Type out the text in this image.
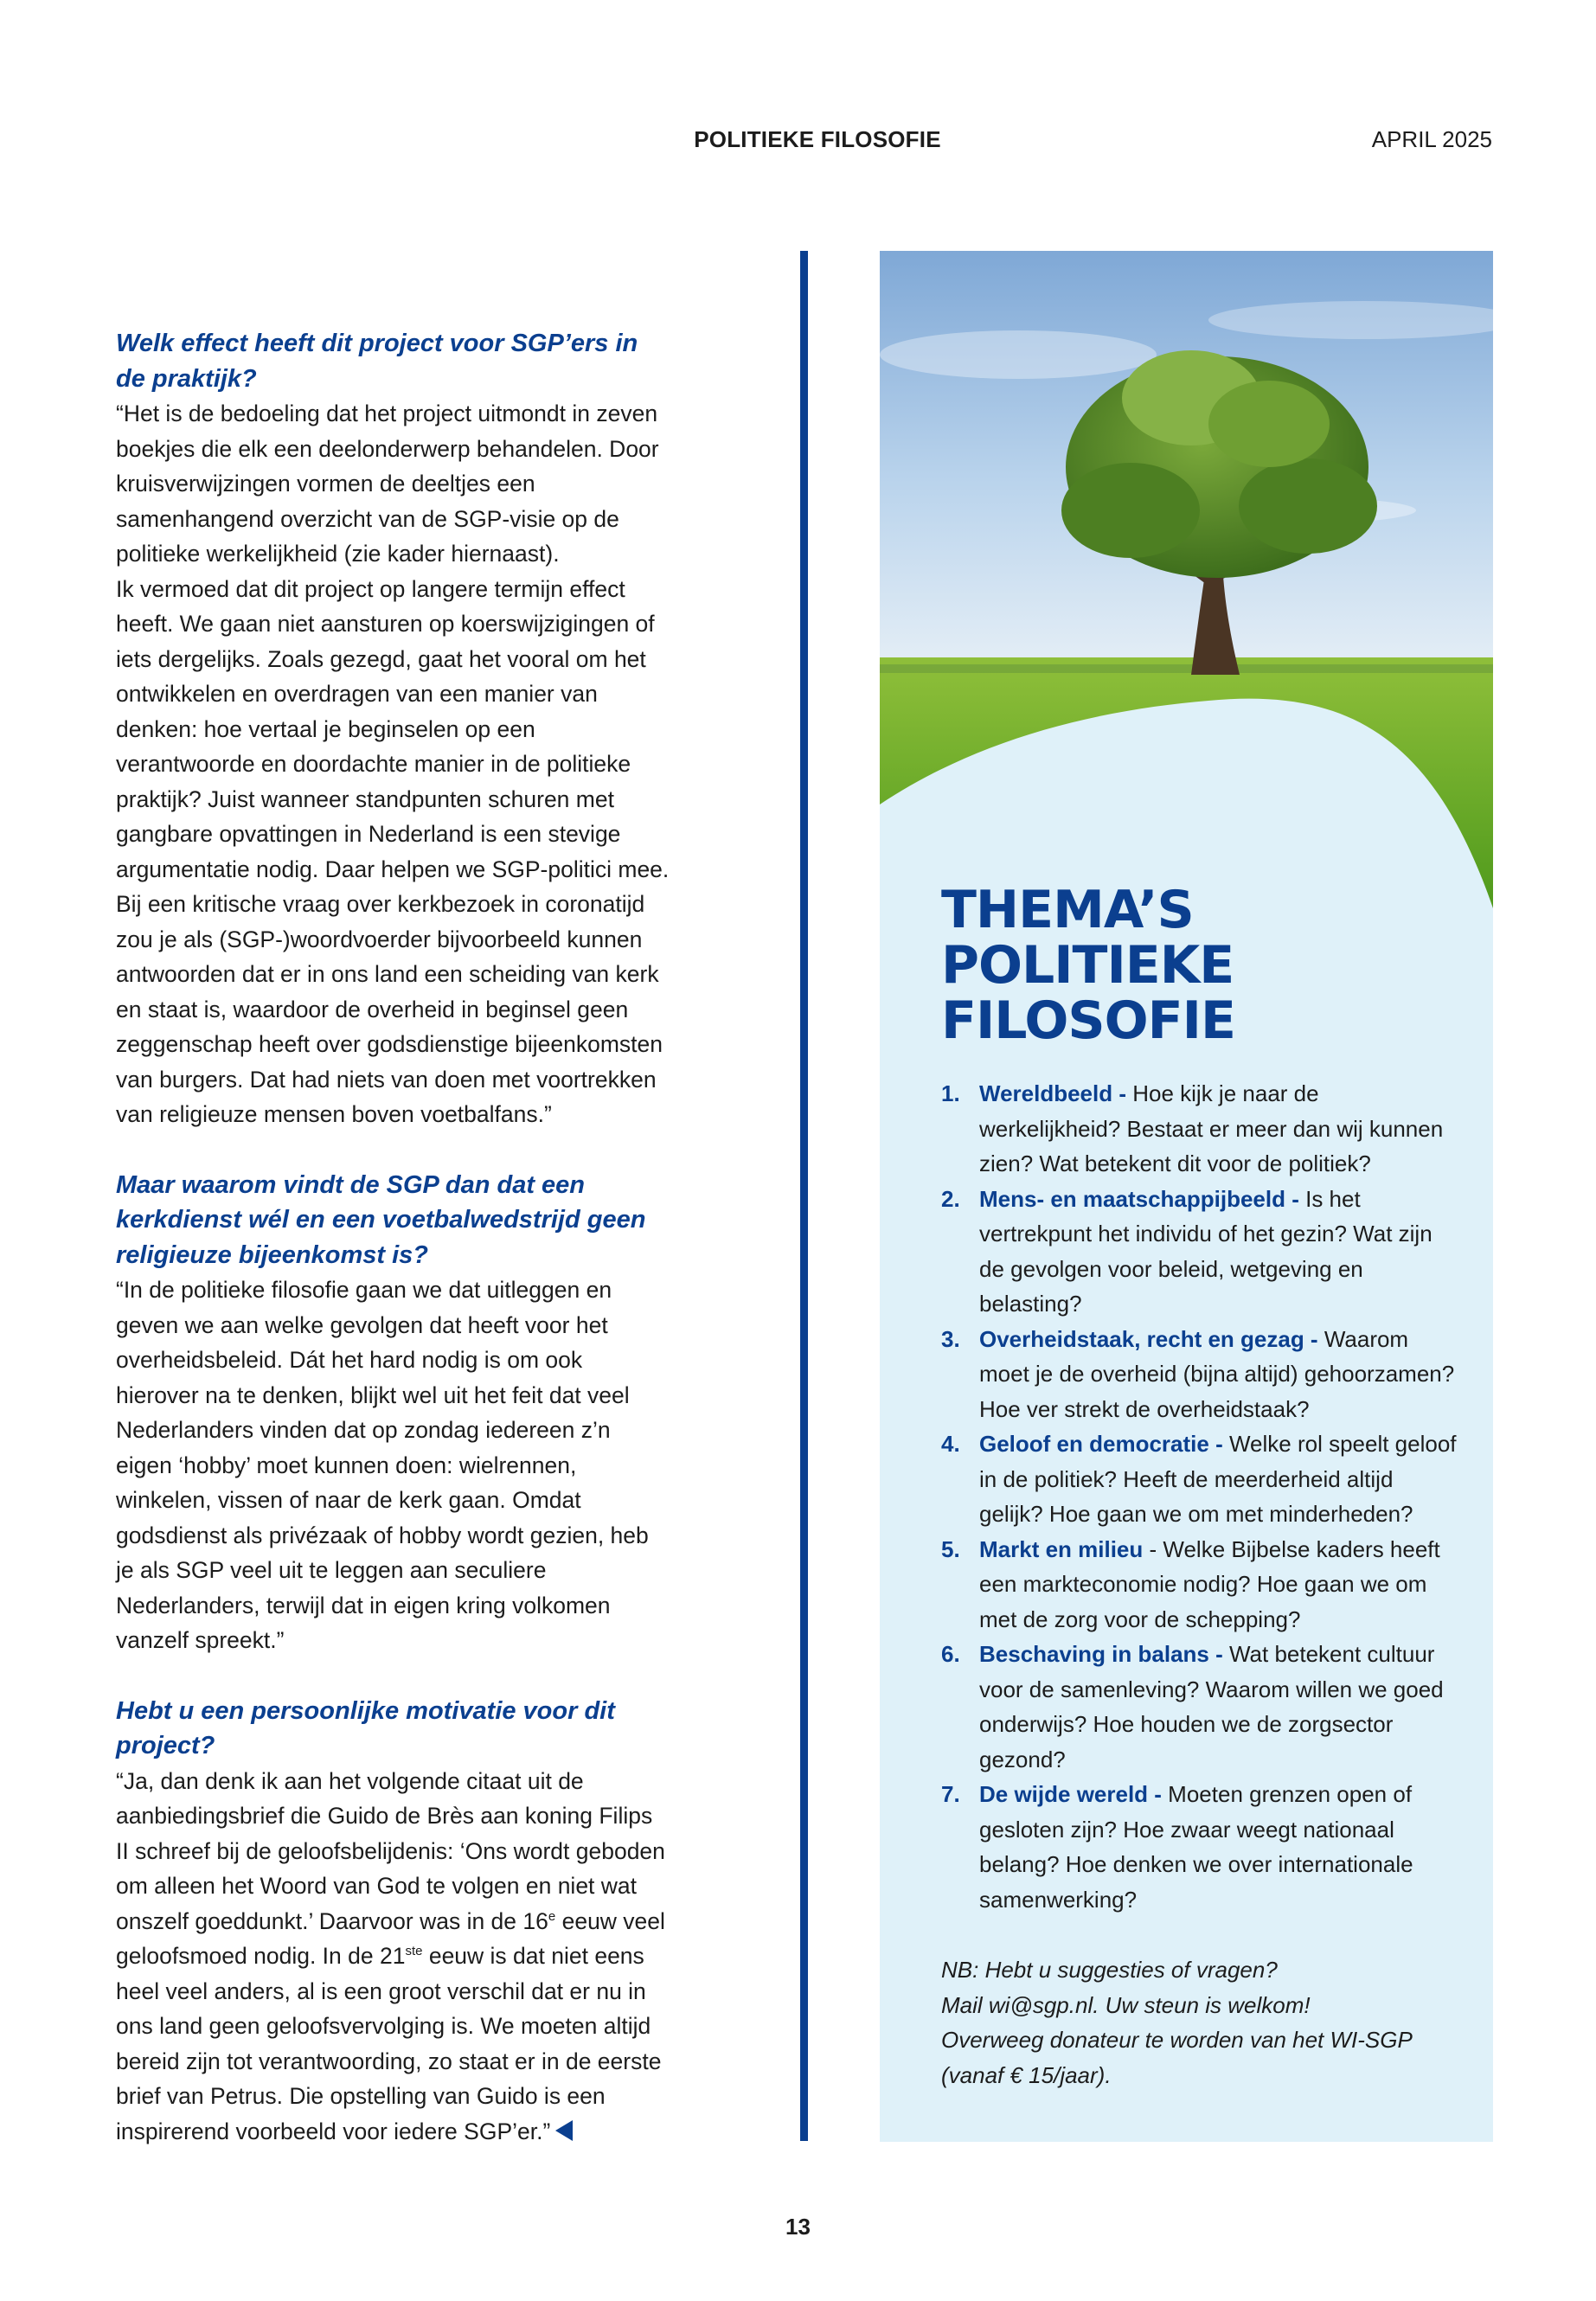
POLITIEKE FILOSOFIE	APRIL 2025
Welk effect heeft dit project voor SGP’ers in de praktijk?

“Het is de bedoeling dat het project uitmondt in zeven boekjes die elk een deelonderwerp behandelen. Door kruisverwijzingen vormen de deeltjes een samenhangend overzicht van de SGP-visie op de politieke werkelijkheid (zie kader hiernaast).

Ik vermoed dat dit project op langere termijn effect heeft. We gaan niet aansturen op koerswijzigingen of iets dergelijks. Zoals gezegd, gaat het vooral om het ontwikkelen en overdragen van een manier van denken: hoe vertaal je beginselen op een verantwoorde en doordachte manier in de politieke praktijk? Juist wanneer standpunten schuren met gangbare opvattingen in Nederland is een stevige argumentatie nodig. Daar helpen we SGP-politici mee. Bij een kritische vraag over kerkbezoek in coronatijd zou je als (SGP-)woordvoerder bijvoorbeeld kunnen antwoorden dat er in ons land een scheiding van kerk en staat is, waardoor de overheid in beginsel geen zeggenschap heeft over godsdienstige bijeenkomsten van burgers. Dat had niets van doen met voortrekken van religieuze mensen boven voetbalfans.”

Maar waarom vindt de SGP dan dat een kerkdienst wél en een voetbalwedstrijd geen religieuze bijeenkomst is?

“In de politieke filosofie gaan we dat uitleggen en geven we aan welke gevolgen dat heeft voor het overheidsbeleid. Dát het hard nodig is om ook hierover na te denken, blijkt wel uit het feit dat veel Nederlanders vinden dat op zondag iedereen z’n eigen ‘hobby’ moet kunnen doen: wielrennen, winkelen, vissen of naar de kerk gaan. Omdat godsdienst als privézaak of hobby wordt gezien, heb je als SGP veel uit te leggen aan seculiere Nederlanders, terwijl dat in eigen kring volkomen vanzelf spreekt.”

Hebt u een persoonlijke motivatie voor dit project?

“Ja, dan denk ik aan het volgende citaat uit de aanbiedingsbrief die Guido de Brès aan koning Filips II schreef bij de geloofsbelijdenis: ‘Ons wordt geboden om alleen het Woord van God te volgen en niet wat onszelf goeddunkt.’ Daarvoor was in de 16e eeuw veel geloofsmoed nodig. In de 21ste eeuw is dat niet eens heel veel anders, al is een groot verschil dat er nu in ons land geen geloofsvervolging is. We moeten altijd bereid zijn tot verantwoording, zo staat er in de eerste brief van Petrus. Die opstelling van Guido is een inspirerend voorbeeld voor iedere SGP’er.”

THEMA’S POLITIEKE FILOSOFIE
1. Wereldbeeld - Hoe kijk je naar de werkelijkheid? Bestaat er meer dan wij kunnen zien? Wat betekent dit voor de politiek?
2. Mens- en maatschappijbeeld - Is het vertrekpunt het individu of het gezin? Wat zijn de gevolgen voor beleid, wetgeving en belasting?
3. Overheidstaak, recht en gezag - Waarom moet je de overheid (bijna altijd) gehoorzamen? Hoe ver strekt de overheidstaak?
4. Geloof en democratie - Welke rol speelt geloof in de politiek? Heeft de meerderheid altijd gelijk? Hoe gaan we om met minderheden?
5. Markt en milieu - Welke Bijbelse kaders heeft een markteconomie nodig? Hoe gaan we om met de zorg voor de schepping?
6. Beschaving in balans - Wat betekent cultuur voor de samenleving? Waarom willen we goed onderwijs? Hoe houden we de zorgsector gezond?
7. De wijde wereld - Moeten grenzen open of gesloten zijn? Hoe zwaar weegt nationaal belang? Hoe denken we over internationale samenwerking?
NB: Hebt u suggesties of vragen?
Mail wi@sgp.nl. Uw steun is welkom!
Overweeg donateur te worden van het WI-SGP (vanaf € 15/jaar).
13
